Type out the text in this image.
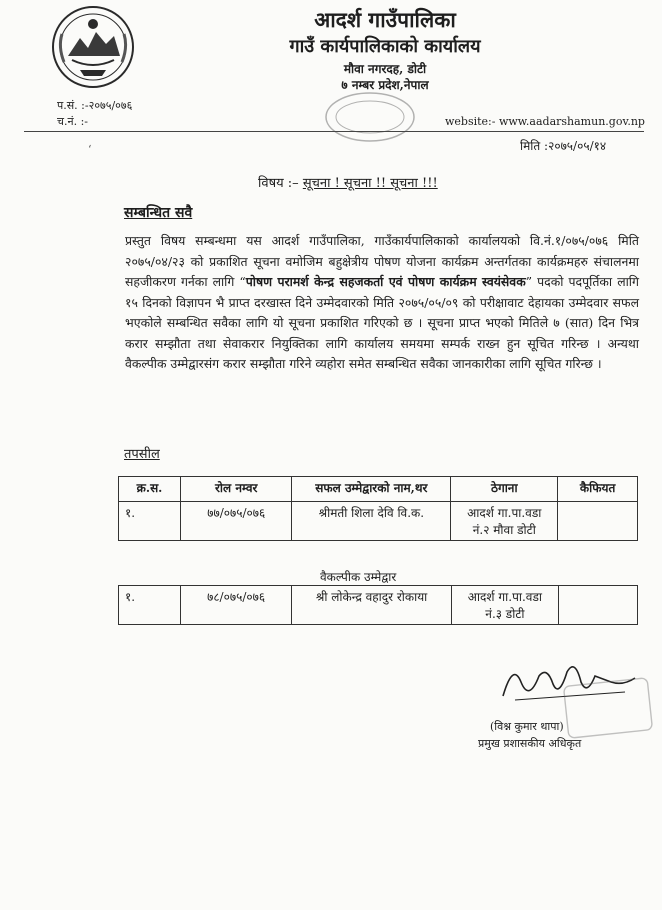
आदर्श गाउँपालिका
गाउँ कार्यपालिकाको कार्यालय
मौवा नगरदह, डोटी
७ नम्बर प्रदेश,नेपाल
प.सं. :-२०७५/०७६
च.नं. :-	website:- www.aadarshamun.gov.np
मिति :२०७५/०५/१४
‘
विषय :– सूचना ! सूचना !! सूचना !!!
सम्बन्धित सवै
प्रस्तुत विषय सम्बन्धमा यस आदर्श गाउँपालिका, गाउँकार्यपालिकाको कार्यालयको वि.नं.१/०७५/०७६ मिति २०७५/०४/२३ को प्रकाशित सूचना वमोजिम बहुक्षेत्रीय पोषण योजना कार्यक्रम अन्तर्गतका कार्यक्रमहरु संचालनमा सहजीकरण गर्नका लागि “पोषण परामर्श केन्द्र सहजकर्ता एवं पोषण कार्यक्रम स्वयंसेवक” पदको पदपूर्तिका लागि १५ दिनको विज्ञापन भै प्राप्त दरखास्त दिने उम्मेदवारको मिति २०७५/०५/०९ को परीक्षावाट देहायका उम्मेदवार सफल भएकोले सम्बन्धित सवैका लागि यो सूचना प्रकाशित गरिएको छ । सूचना प्राप्त भएको मितिले ७ (सात) दिन भित्र करार सम्झौता तथा सेवाकरार नियुक्तिका लागि कार्यालय समयमा सम्पर्क राख्न हुन सूचित गरिन्छ । अन्यथा वैकल्पीक उम्मेद्वारसंग करार सम्झौता गरिने व्यहोरा समेत सम्बन्धित सवैका जानकारीका लागि सूचित गरिन्छ ।
तपसील
क्र.स.	रोल नम्वर	सफल उम्मेद्वारको नाम,थर	ठेगाना	कैफियत
१.	७७/०७५/०७६	श्रीमती शिला देवि वि.क.	आदर्श गा.पा.वडा नं.२ मौवा डोटी	
वैकल्पीक उम्मेद्वार
१.	७८/०७५/०७६	श्री लोकेन्द्र वहादुर रोकाया	आदर्श गा.पा.वडा नं.३ डोटी	
(विश्न कुमार थापा)
प्रमुख प्रशासकीय अधिकृत
